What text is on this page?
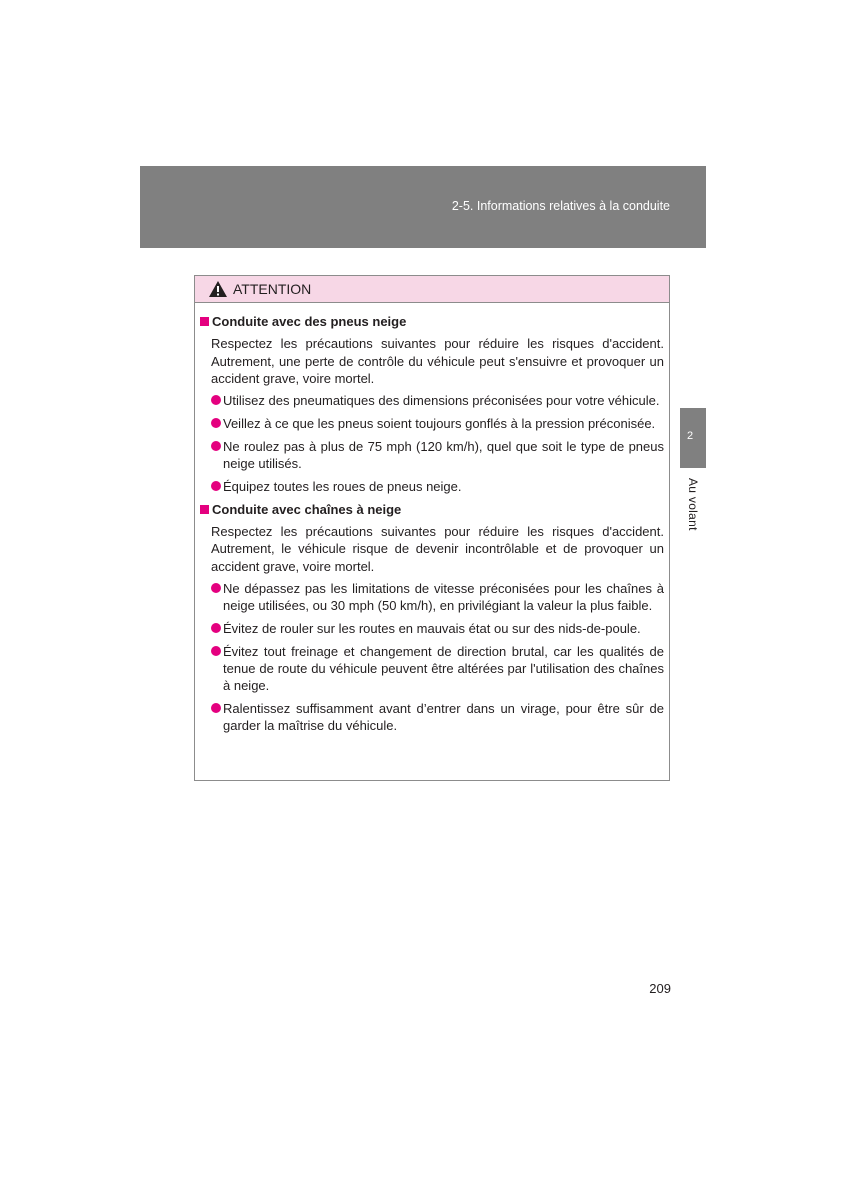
2-5. Informations relatives à la conduite
2
Au volant
ATTENTION
Conduite avec des pneus neige
Respectez les précautions suivantes pour réduire les risques d'accident. Autrement, une perte de contrôle du véhicule peut s'ensuivre et provoquer un accident grave, voire mortel.
Utilisez des pneumatiques des dimensions préconisées pour votre véhicule.
Veillez à ce que les pneus soient toujours gonflés à la pression préconisée.
Ne roulez pas à plus de 75 mph (120 km/h), quel que soit le type de pneus neige utilisés.
Équipez toutes les roues de pneus neige.
Conduite avec chaînes à neige
Respectez les précautions suivantes pour réduire les risques d'accident. Autrement, le véhicule risque de devenir incontrôlable et de provoquer un accident grave, voire mortel.
Ne dépassez pas les limitations de vitesse préconisées pour les chaînes à neige utilisées, ou 30 mph (50 km/h), en privilégiant la valeur la plus faible.
Évitez de rouler sur les routes en mauvais état ou sur des nids-de-poule.
Évitez tout freinage et changement de direction brutal, car les qualités de tenue de route du véhicule peuvent être altérées par l'utilisation des chaînes à neige.
Ralentissez suffisamment avant d’entrer dans un virage, pour être sûr de garder la maîtrise du véhicule.
209
